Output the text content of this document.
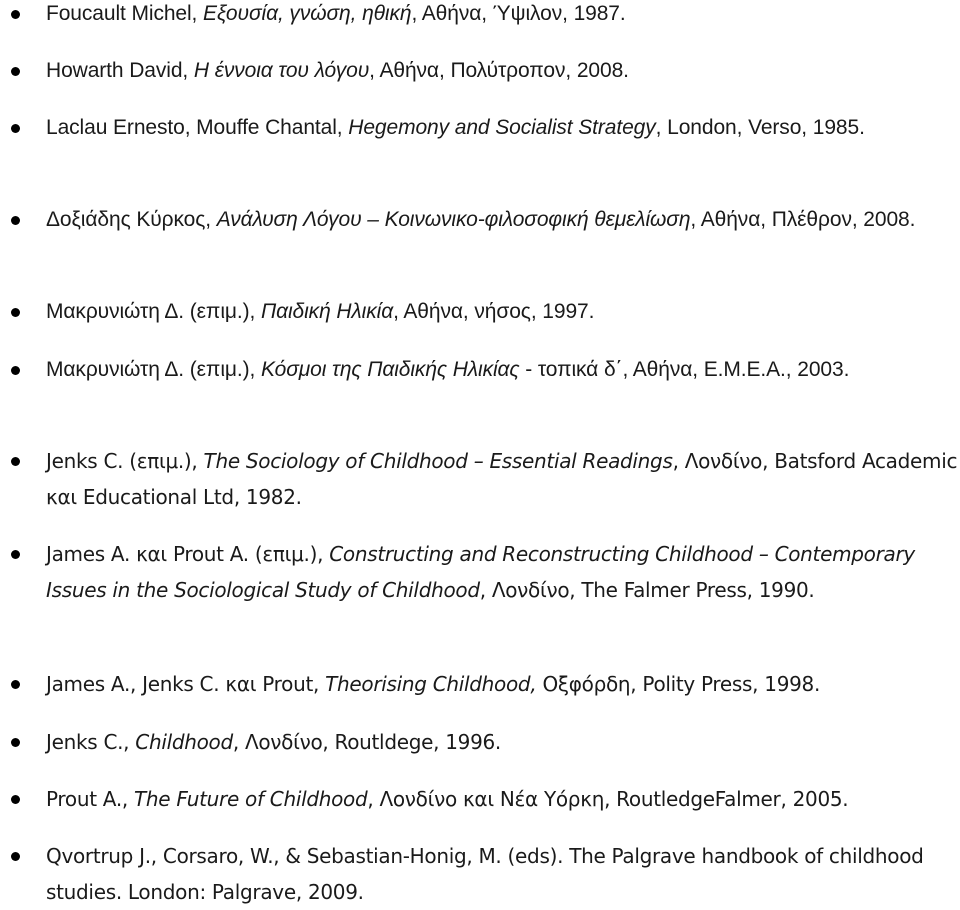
Foucault Michel, Εξουσία, γνώση, ηθική, Αθήνα, Ύψιλον, 1987.
Howarth David, Η έννοια του λόγου, Αθήνα, Πολύτροπον, 2008.
Laclau Ernesto, Mouffe Chantal, Hegemony and Socialist Strategy, London, Verso, 1985.
Δοξιάδης Κύρκος, Ανάλυση Λόγου – Κοινωνικο-φιλοσοφική θεμελίωση, Αθήνα, Πλέθρον, 2008.
Μακρυνιώτη Δ. (επιμ.), Παιδική Ηλικία, Αθήνα, νήσος, 1997.
Μακρυνιώτη Δ. (επιμ.), Κόσμοι της Παιδικής Ηλικίας - τοπικά δ΄, Αθήνα, Ε.Μ.Ε.Α., 2003.
Jenks C. (επιμ.), The Sociology of Childhood – Essential Readings, Λονδίνο, Batsford Academic και Educational Ltd, 1982.
James A. και Prout A. (επιμ.), Constructing and Reconstructing Childhood – Contemporary Issues in the Sociological Study of Childhood, Λονδίνο, The Falmer Press, 1990.
James A., Jenks C. και Prout, Theorising Childhood, Οξφόρδη, Polity Press, 1998.
Jenks C., Childhood, Λονδίνο, Routldege, 1996.
Prout A., The Future of Childhood, Λονδίνο και Νέα Υόρκη, RoutledgeFalmer, 2005.
Qvortrup J., Corsaro, W., & Sebastian-Honig, M. (eds). The Palgrave handbook of childhood studies. London: Palgrave, 2009.
